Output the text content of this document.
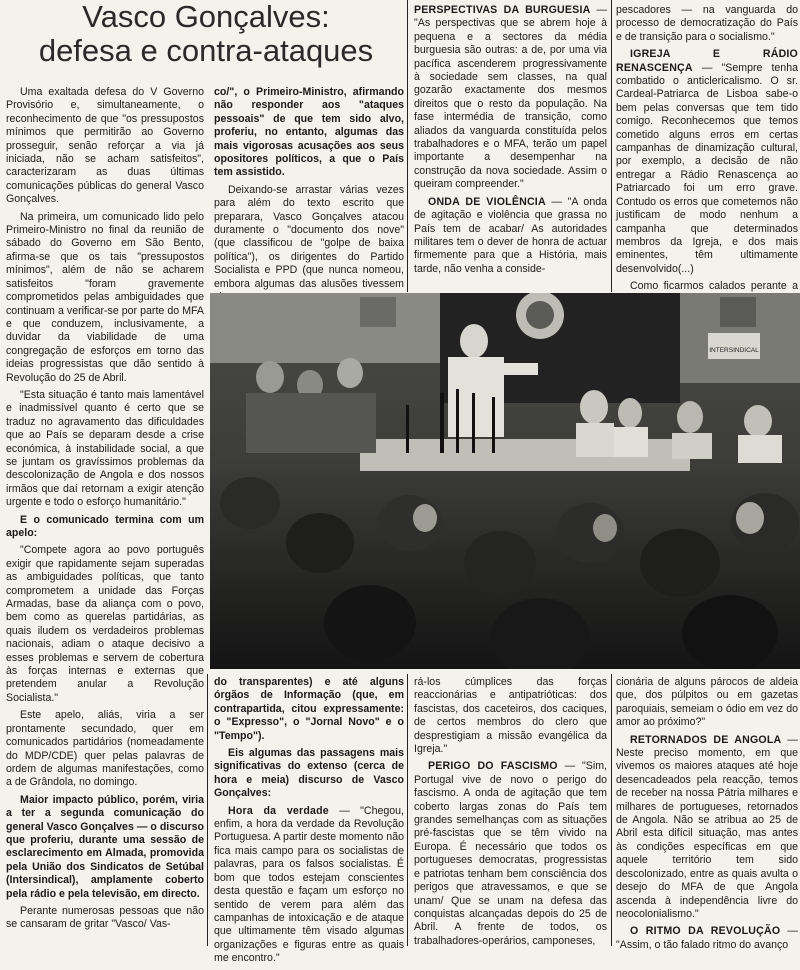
Vasco Gonçalves:
defesa e contra-ataques

Uma exaltada defesa do V Governo Provisório e, simultaneamente, o reconhecimento de que "os pressupostos mínimos que permitirão ao Governo prosseguir, senão reforçar a via já iniciada, não se acham satisfeitos", caracterizaram as duas últimas comunicações públicas do general Vasco Gonçalves.

Na primeira, um comunicado lido pelo Primeiro-Ministro no final da reunião de sábado do Governo em São Bento, afirma-se que os tais "pressupostos mínimos", além de não se acharem satisfeitos "foram gravemente comprometidos pelas ambiguidades que continuam a verificar-se por parte do MFA e que conduzem, inclusivamente, a duvidar da viabilidade de uma congregação de esforços em torno das ideias progressistas que dão sentido à Revolução do 25 de Abril.

"Esta situação é tanto mais lamentável e inadmissível quanto é certo que se traduz no agravamento das dificuldades que ao País se deparam desde a crise económica, à instabilidade social, a que se juntam os gravíssimos problemas da descolonização de Angola e dos nossos irmãos que daí retornam a exigir atenção urgente e todo o esforço humanitário."

E o comunicado termina com um apelo:

"Compete agora ao povo português exigir que rapidamente sejam superadas as ambiguidades políticas, que tanto comprometem a unidade das Forças Armadas, base da aliança com o povo, bem como as querelas partidárias, as quais iludem os verdadeiros problemas nacionais, adiam o ataque decisivo a esses problemas e servem de cobertura às forças internas e externas que pretendem anular a Revolução Socialista."

Este apelo, aliás, viria a ser prontamente secundado, quer em comunicados partidários (nomeadamente do MDP/CDE) quer pelas palavras de ordem de algumas manifestações, como a de Grândola, no domingo.

Maior impacto público, porém, viria a ter a segunda comunicação do general Vasco Gonçalves — o discurso que proferiu, durante uma sessão de esclarecimento em Almada, promovida pela União dos Sindicatos de Setúbal (Intersindical), amplamente coberto pela rádio e pela televisão, em directo.

Perante numerosas pessoas que não se cansaram de gritar "Vasco/ Vas-

co/", o Primeiro-Ministro, afirmando não responder aos "ataques pessoais" de que tem sido alvo, proferiu, no entanto, algumas das mais vigorosas acusações aos seus opositores políticos, a que o País tem assistido.

Deixando-se arrastar várias vezes para além do texto escrito que preparara, Vasco Gonçalves atacou duramente o "documento dos nove" (que classificou de "golpe de baixa política"), os dirigentes do Partido Socialista e PPD (que nunca nomeou, embora algumas das alusões tivessem

PERSPECTIVAS DA BURGUESIA — "As perspectivas que se abrem hoje à pequena e a sectores da média burguesia são outras: a de, por uma via pacífica ascenderem progressivamente à sociedade sem classes, na qual gozarão exactamente dos mesmos direitos que o resto da população. Na fase intermédia de transição, como aliados da vanguarda constituída pelos trabalhadores e o MFA, terão um papel importante a desempenhar na construção da nova sociedade. Assim o queiram compreender."

ONDA DE VIOLÊNCIA — "A onda de agitação e violência que grassa no País tem de acabar/ As autoridades militares tem o dever de honra de actuar firmemente para que a História, mais tarde, não venha a conside-

pescadores — na vanguarda do processo de democratização do País e de transição para o socialismo."

IGREJA E RÁDIO RENASCENÇA — "Sempre tenha combatido o anticlericalismo. O sr. Cardeal-Patriarca de Lisboa sabe-o bem pelas conversas que tem tido comigo. Reconhecemos que temos cometido alguns erros em certas campanhas de dinamização cultural, por exemplo, a decisão de não entregar a Rádio Renascença ao Patriarcado foi um erro grave. Contudo os erros que cometemos não justificam de modo nenhum a campanha que determinados membros da Igreja, e dos mais eminentes, têm ultimamente desenvolvido(...)

Como ficarmos calados perante a

INTERSINDICAL

do transparentes) e até alguns órgãos de Informação (que, em contrapartida, citou expressamente: o "Expresso", o "Jornal Novo" e o "Tempo").

Eis algumas das passagens mais significativas do extenso (cerca de hora e meia) discurso de Vasco Gonçalves:

Hora da verdade — "Chegou, enfim, a hora da verdade da Revolução Portuguesa. A partir deste momento não fica mais campo para os socialistas de palavras, para os falsos socialistas. É bom que todos estejam conscientes desta questão e façam um esforço no sentido de verem para além das campanhas de intoxicação e de ataque que ultimamente têm visado algumas organizações e figuras entre as quais me encontro."

rá-los cúmplices das forças reaccionárias e antipatrióticas: dos fascistas, dos caceteiros, dos caciques, de certos membros do clero que desprestigiam a missão evangélica da Igreja."

PERIGO DO FASCISMO — "Sim, Portugal vive de novo o perigo do fascismo. A onda de agitação que tem coberto largas zonas do País tem grandes semelhanças com as situações pré-fascistas que se têm vivido na Europa. É necessário que todos os portugueses democratas, progressistas e patriotas tenham bem consciência dos perigos que atravessamos, e que se unam/ Que se unam na defesa das conquistas alcançadas depois do 25 de Abril. A frente de todos, os trabalhadores-operários, camponeses,

cionária de alguns párocos de aldeia que, dos púlpitos ou em gazetas paroquiais, semeiam o ódio em vez do amor ao próximo?"

RETORNADOS DE ANGOLA — Neste preciso momento, em que vivemos os maiores ataques até hoje desencadeados pela reacção, temos de receber na nossa Pátria milhares e milhares de portugueses, retornados de Angola. Não se atribua ao 25 de Abril esta difícil situação, mas antes às condições específicas em que aquele território tem sido descolonizado, entre as quais avulta o desejo do MFA de que Angola ascenda à independência livre do neocolonialismo."

O RITMO DA REVOLUÇÃO — "Assim, o tão falado ritmo do avanço
